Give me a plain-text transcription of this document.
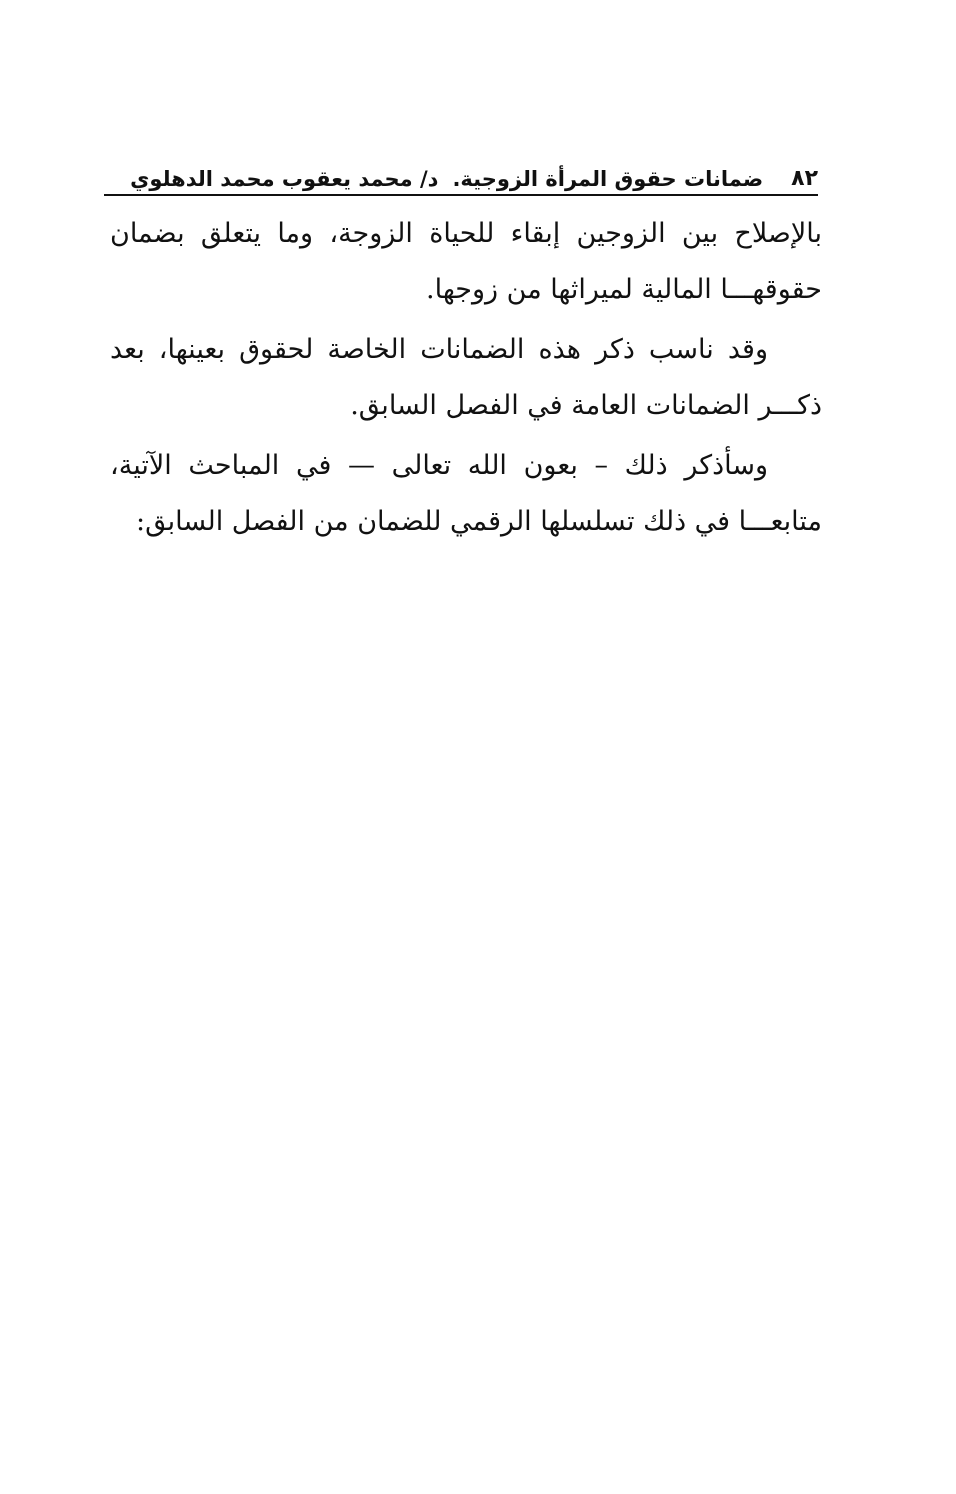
٨٢
ضمانات حقوق المرأة الزوجية.
د/ محمد يعقوب محمد الدهلوي

بالإصلاح بين الزوجين إبقاء للحياة الزوجة، وما يتعلق بضمان حقوقهـــا المالية لميراثها من زوجها.

وقد ناسب ذكر هذه الضمانات الخاصة لحقوق بعينها، بعد ذكـــر الضمانات العامة في الفصل السابق.

وسأذكر ذلك – بعون الله تعالى — في المباحث الآتية، متابعـــا في ذلك تسلسلها الرقمي للضمان من الفصل السابق:
